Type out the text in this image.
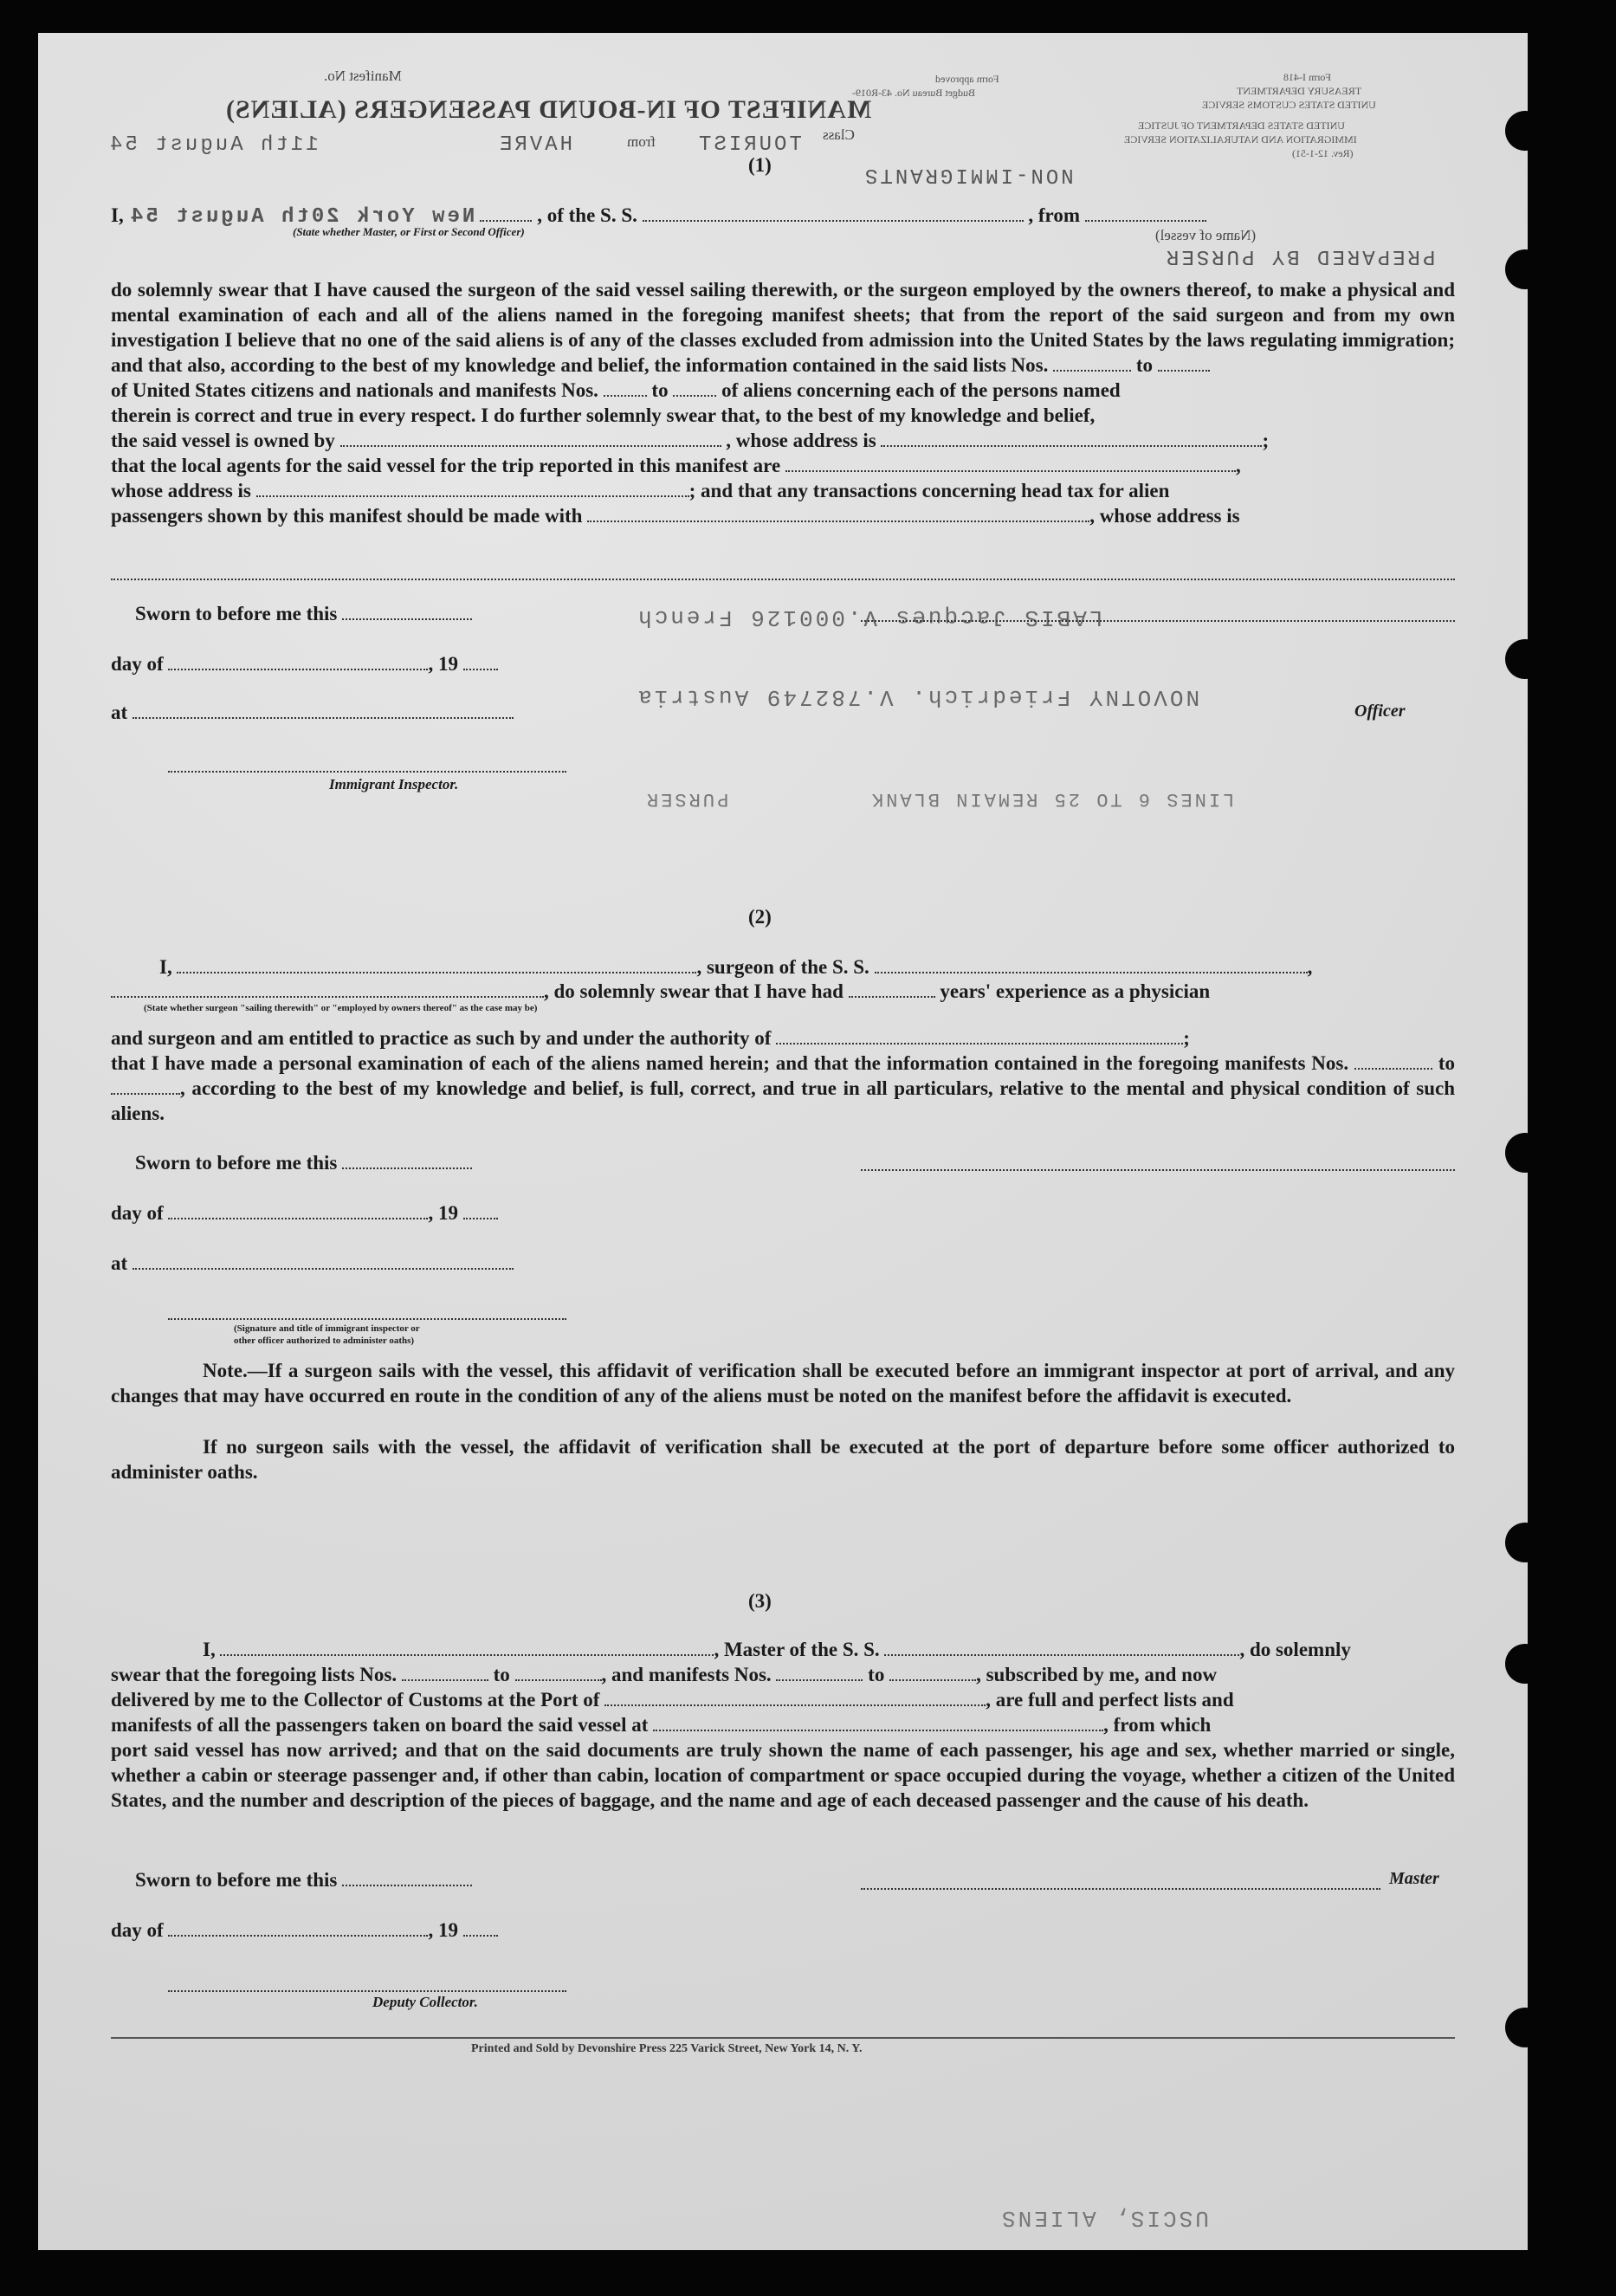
Manifest No.
MANIFEST OF IN-BOUND PASSENGERS (ALIENS)
Form approved
Budget Bureau No. 43-R019-
Form I-418
TREASURY DEPARTMENT
UNITED STATES CUSTOMS SERVICE
UNITED STATES DEPARTMENT OF JUSTICE
IMMIGRATION AND NATURALIZATION SERVICE
(Rev. 12-1-51)
11th August 54	HAVRE	from TOURIST Class
NON-IMMIGRANTS
(1)
I, New York 20th August 54	, of the S. S.	, from
(State whether Master, or First or Second Officer)	(Name of vessel)
PREPARED BY PURSER
do solemnly swear that I have caused the surgeon of the said vessel sailing therewith, or the surgeon employed by the owners thereof, to make a physical and mental examination of each and all of the aliens named in the foregoing manifest sheets; that from the report of the said surgeon and from my own investigation I believe that no one of the said aliens is of any of the classes excluded from admission into the United States by the laws regulating immigration; and that also, according to the best of my knowledge and belief, the information contained in the said lists Nos.	to
of United States citizens and nationals and manifests Nos.	to	of aliens concerning each of the persons named
therein is correct and true in every respect. I do further solemnly swear that, to the best of my knowledge and belief,
the said vessel is owned by	, whose address is	;
that the local agents for the said vessel for the trip reported in this manifest are	,
whose address is	; and that any transactions concerning head tax for alien
passengers shown by this manifest should be made with	, whose address is
NOVOTNY Friedrich. V.782749 Austria
LABIS Jacques V.000126 French
LINES 6 TO 25 REMAIN BLANK
PURSER
Sworn to before me this
day of	, 19
at	Officer
Immigrant Inspector.
(2)
I,	, surgeon of the S. S.	,
, do solemnly swear that I have had	years' experience as a physician
(State whether surgeon "sailing therewith" or "employed by owners thereof" as the case may be)
and surgeon and am entitled to practice as such by and under the authority of	;
that I have made a personal examination of each of the aliens named herein; and that the information contained in the foregoing manifests Nos.	to , according to the best of my knowledge and belief, is full, correct, and true in all particulars, relative to the mental and physical condition of such aliens.
Sworn to before me this
day of	, 19
at
(Signature and title of immigrant inspector or
other officer authorized to administer oaths)
Note.—If a surgeon sails with the vessel, this affidavit of verification shall be executed before an immigrant inspector at port of arrival, and any changes that may have occurred en route in the condition of any of the aliens must be noted on the manifest before the affidavit is executed.
If no surgeon sails with the vessel, the affidavit of verification shall be executed at the port of departure before some officer authorized to administer oaths.
(3)
I,	, Master of the S. S.	, do solemnly
swear that the foregoing lists Nos.	to	, and manifests Nos.	to	, subscribed by me, and now
delivered by me to the Collector of Customs at the Port of	, are full and perfect lists and
manifests of all the passengers taken on board the said vessel at	, from which
port said vessel has now arrived; and that on the said documents are truly shown the name of each passenger, his age and sex, whether married or single, whether a cabin or steerage passenger and, if other than cabin, location of compartment or space occupied during the voyage, whether a citizen of the United States, and the number and description of the pieces of baggage, and the name and age of each deceased passenger and the cause of his death.
Sworn to before me this	Master
day of	, 19
Deputy Collector.
Printed and Sold by Devonshire Press 225 Varick Street, New York 14, N. Y.
USCIS, ALIENS
